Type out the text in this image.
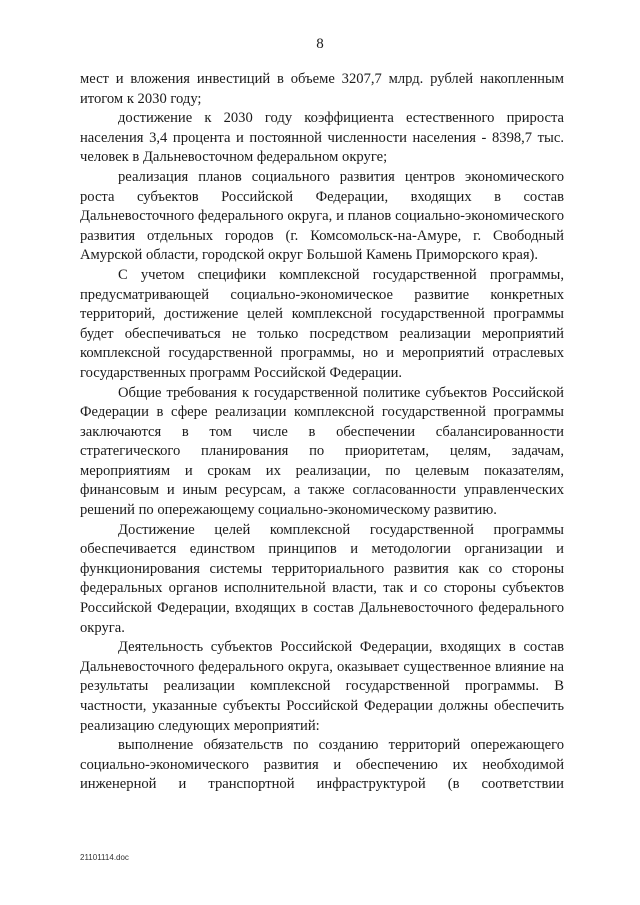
8

мест и вложения инвестиций в объеме 3207,7 млрд. рублей накопленным итогом к 2030 году;

достижение к 2030 году коэффициента естественного прироста населения 3,4 процента и постоянной численности населения - 8398,7 тыс. человек в Дальневосточном федеральном округе;

реализация планов социального развития центров экономического роста субъектов Российской Федерации, входящих в состав Дальневосточного федерального округа, и планов социально-экономического развития отдельных городов (г. Комсомольск-на-Амуре, г. Свободный Амурской области, городской округ Большой Камень Приморского края).

С учетом специфики комплексной государственной программы, предусматривающей социально-экономическое развитие конкретных территорий, достижение целей комплексной государственной программы будет обеспечиваться не только посредством реализации мероприятий комплексной государственной программы, но и мероприятий отраслевых государственных программ Российской Федерации.

Общие требования к государственной политике субъектов Российской Федерации в сфере реализации комплексной государственной программы заключаются в том числе в обеспечении сбалансированности стратегического планирования по приоритетам, целям, задачам, мероприятиям и срокам их реализации, по целевым показателям, финансовым и иным ресурсам, а также согласованности управленческих решений по опережающему социально-экономическому развитию.

Достижение целей комплексной государственной программы обеспечивается единством принципов и методологии организации и функционирования системы территориального развития как со стороны федеральных органов исполнительной власти, так и со стороны субъектов Российской Федерации, входящих в состав Дальневосточного федерального округа.

Деятельность субъектов Российской Федерации, входящих в состав Дальневосточного федерального округа, оказывает существенное влияние на результаты реализации комплексной государственной программы. В частности, указанные субъекты Российской Федерации должны обеспечить реализацию следующих мероприятий:

выполнение обязательств по созданию территорий опережающего социально-экономического развития и обеспечению их необходимой инженерной и транспортной инфраструктурой (в соответствии

21101114.doc
